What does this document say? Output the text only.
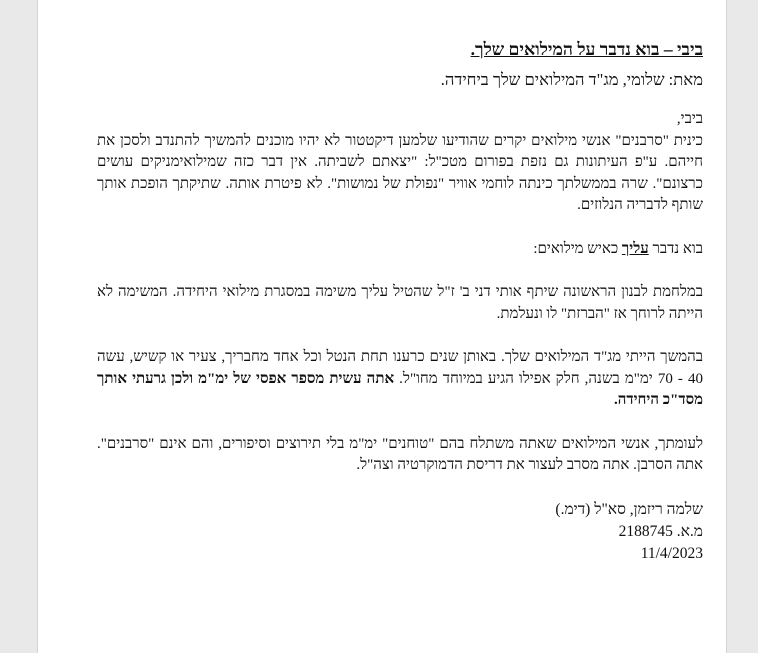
ביבי – בוא נדבר על המילואים שלך.
מאת: שלומי, מג"ד המילואים שלך ביחידה.
ביבי,
כינית "סרבנים" אנשי מילואים יקרים שהודיעו שלמען דיקטטור לא יהיו מוכנים להמשיך להתנדב ולסכן את חייהם. ע"פ העיתונות גם נזפת בפורום מטכ"ל: "יצאתם לשביתה. אין דבר כזה שמילואימניקים עושים כרצונם". שרה בממשלתך כינתה לוחמי אוויר "נפולת של נמושות". לא פיטרת אותה. שתיקתך הופכת אותך שותף לדבריה הנלוזים.
בוא נדבר עליך כאיש מילואים:
במלחמת לבנון הראשונה שיתף אותי דני ב' ז"ל שהטיל עליך משימה במסגרת מילואי היחידה. המשימה לא הייתה לרוחך אז "הברזת" לו ונעלמת.
בהמשך הייתי מג"ד המילואים שלך. באותן שנים כרענו תחת הנטל וכל אחד מחבריך, צעיר או קשיש, עשה 40 - 70 ימ"מ בשנה, חלק אפילו הגיע במיוחד מחו"ל. אתה עשית מספר אפסי של ימ"מ ולכן גרעתי אותך מסד"כ היחידה.
לעומתך, אנשי המילואים שאתה משתלח בהם "טוחנים" ימ"מ בלי תירוצים וסיפורים, והם אינם "סרבנים". אתה הסרבן. אתה מסרב לעצור את דריסת הדמוקרטיה וצה"ל.
שלמה ריזמן, סא"ל (דימ.)
מ.א. 2188745
11/4/2023
